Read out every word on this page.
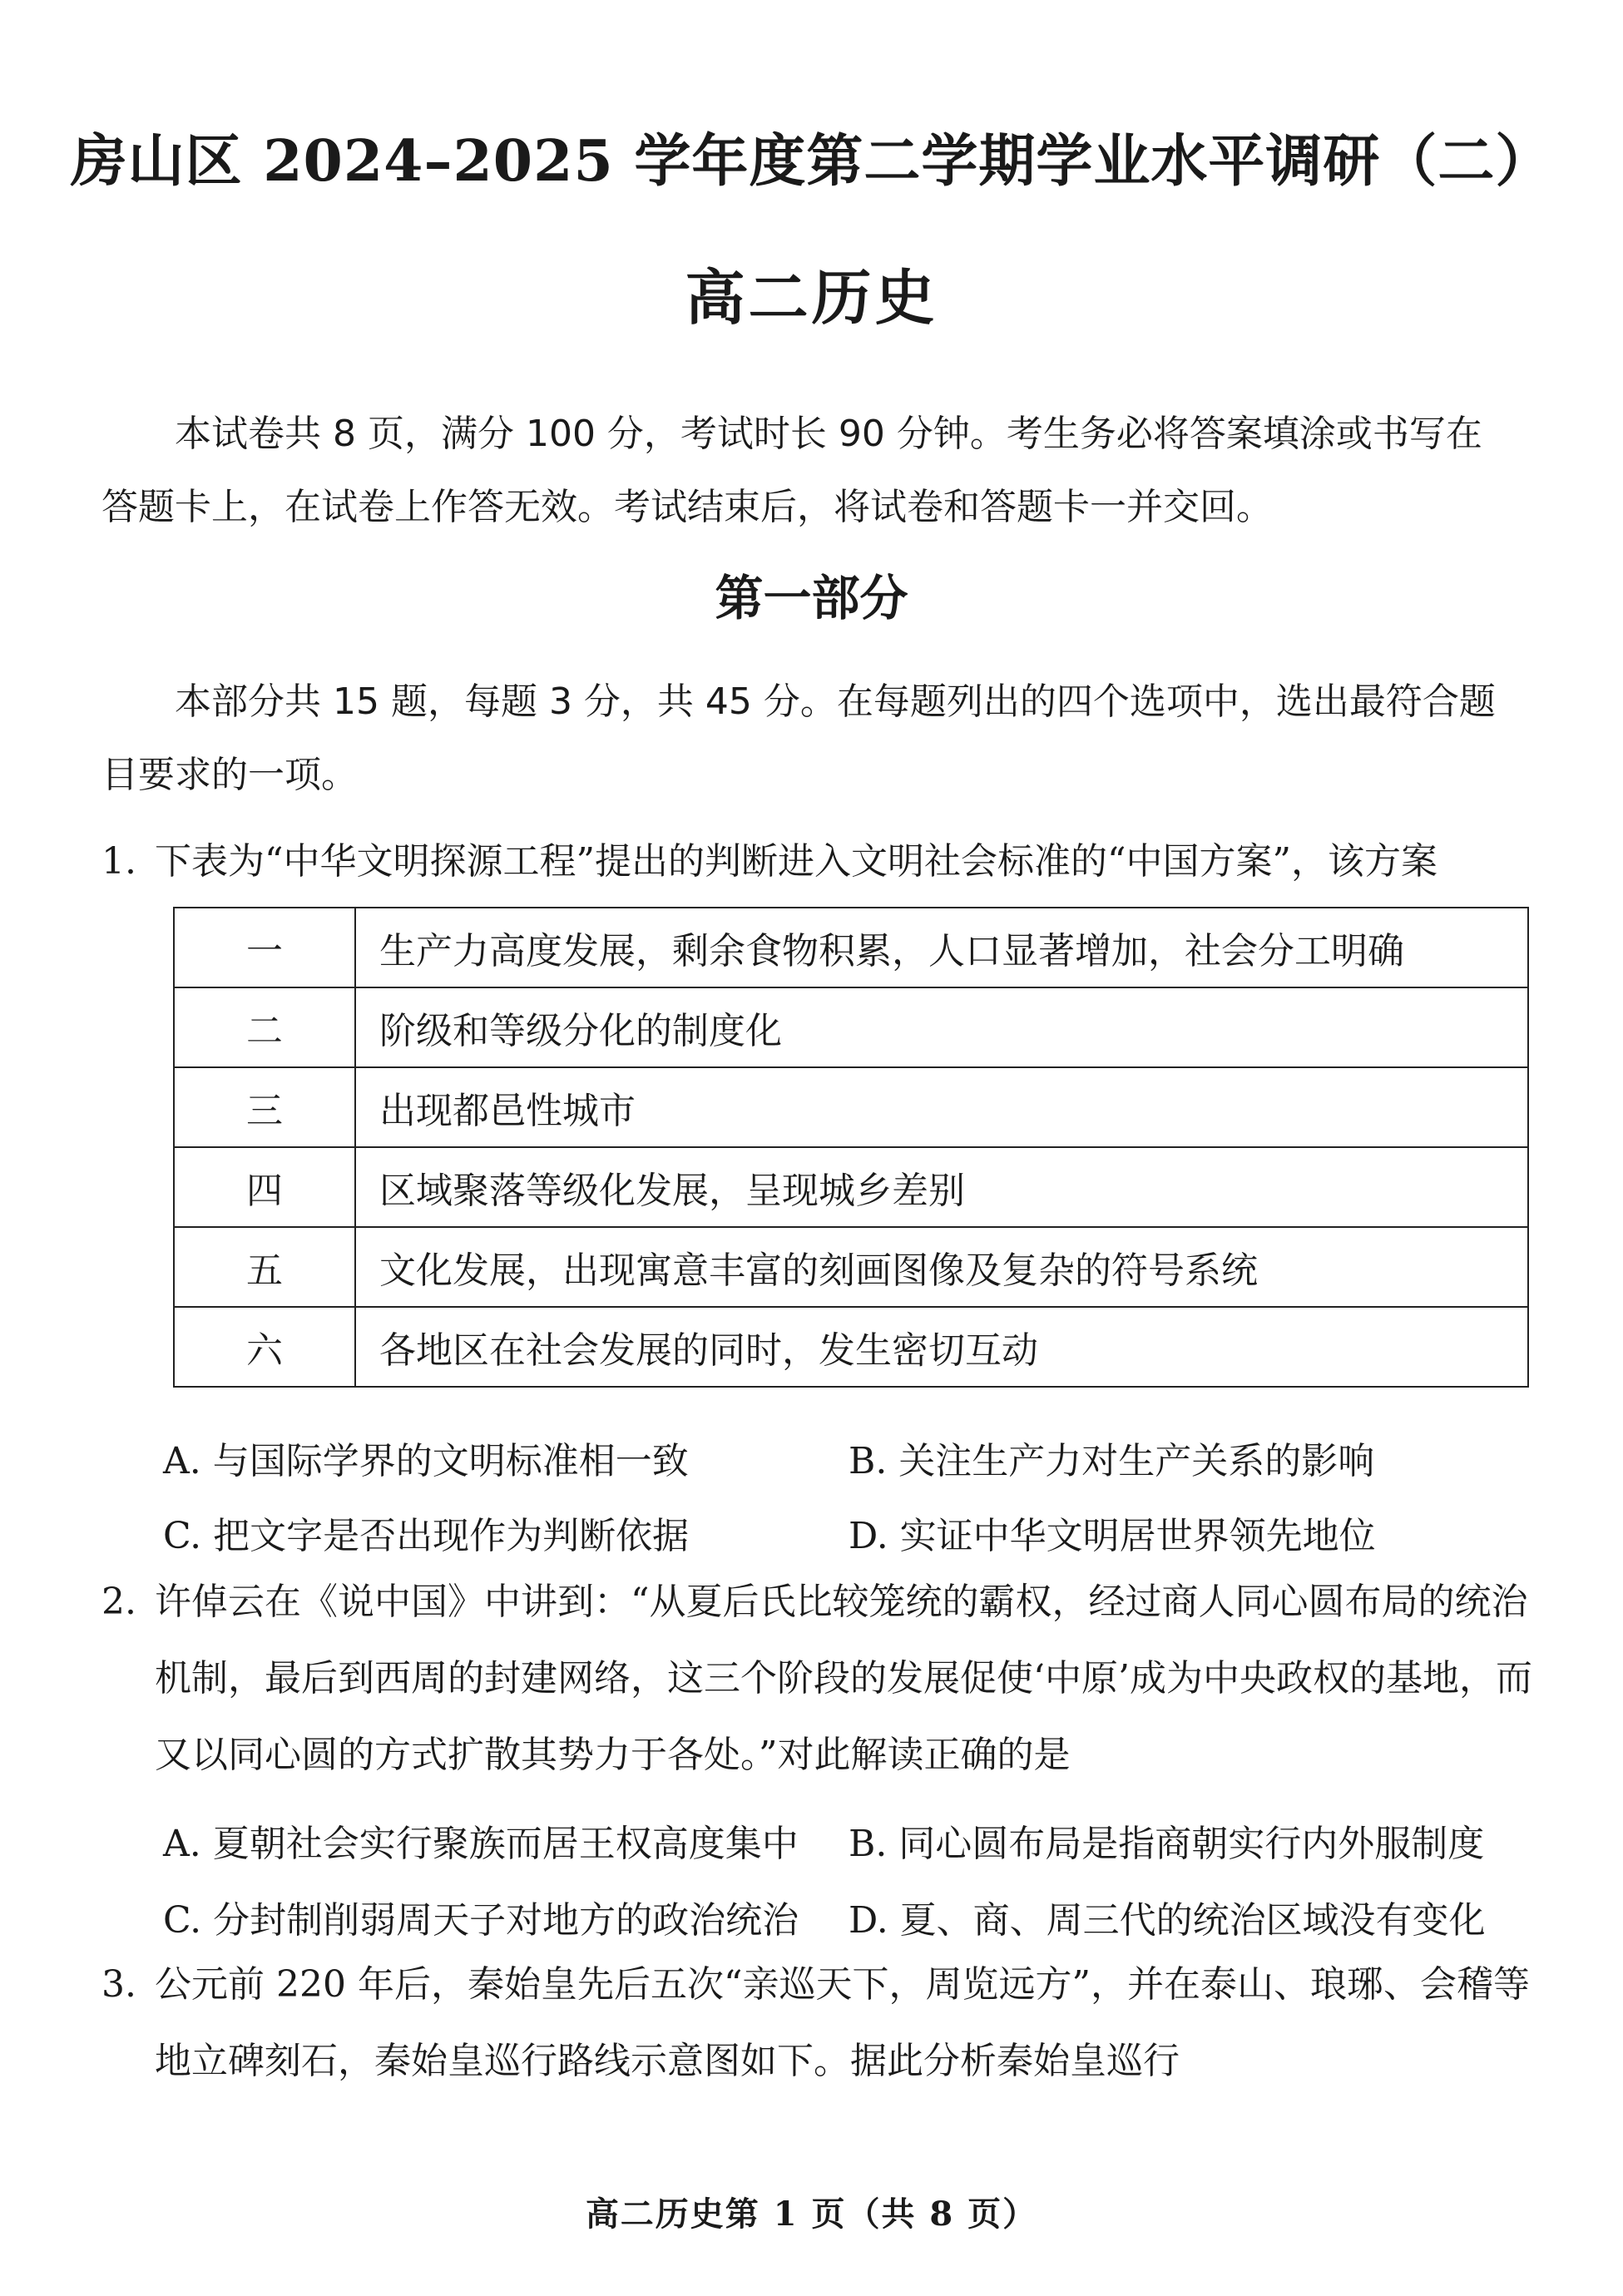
房山区 2024–2025 学年度第二学期学业水平调研（二）
高二历史
本试卷共 8 页，满分 100 分，考试时长 90 分钟。考生务必将答案填涂或书写在答题卡上，在试卷上作答无效。考试结束后，将试卷和答题卡一并交回。
第一部分
本部分共 15 题，每题 3 分，共 45 分。在每题列出的四个选项中，选出最符合题目要求的一项。
1. 下表为“中华文明探源工程”提出的判断进入文明社会标准的“中国方案”，该方案
一	生产力高度发展，剩余食物积累，人口显著增加，社会分工明确
二	阶级和等级分化的制度化
三	出现都邑性城市
四	区域聚落等级化发展，呈现城乡差别
五	文化发展，出现寓意丰富的刻画图像及复杂的符号系统
六	各地区在社会发展的同时，发生密切互动
A. 与国际学界的文明标准相一致	B. 关注生产力对生产关系的影响
C. 把文字是否出现作为判断依据	D. 实证中华文明居世界领先地位
2. 许倬云在《说中国》中讲到：“从夏后氏比较笼统的霸权，经过商人同心圆布局的统治机制，最后到西周的封建网络，这三个阶段的发展促使‘中原’成为中央政权的基地，而又以同心圆的方式扩散其势力于各处。”对此解读正确的是
A. 夏朝社会实行聚族而居王权高度集中 B. 同心圆布局是指商朝实行内外服制度
C. 分封制削弱周天子对地方的政治统治 D. 夏、商、周三代的统治区域没有变化
3. 公元前 220 年后，秦始皇先后五次“亲巡天下，周览远方”，并在泰山、琅琊、会稽等地立碑刻石，秦始皇巡行路线示意图如下。据此分析秦始皇巡行
高二历史第 1 页（共 8 页）
